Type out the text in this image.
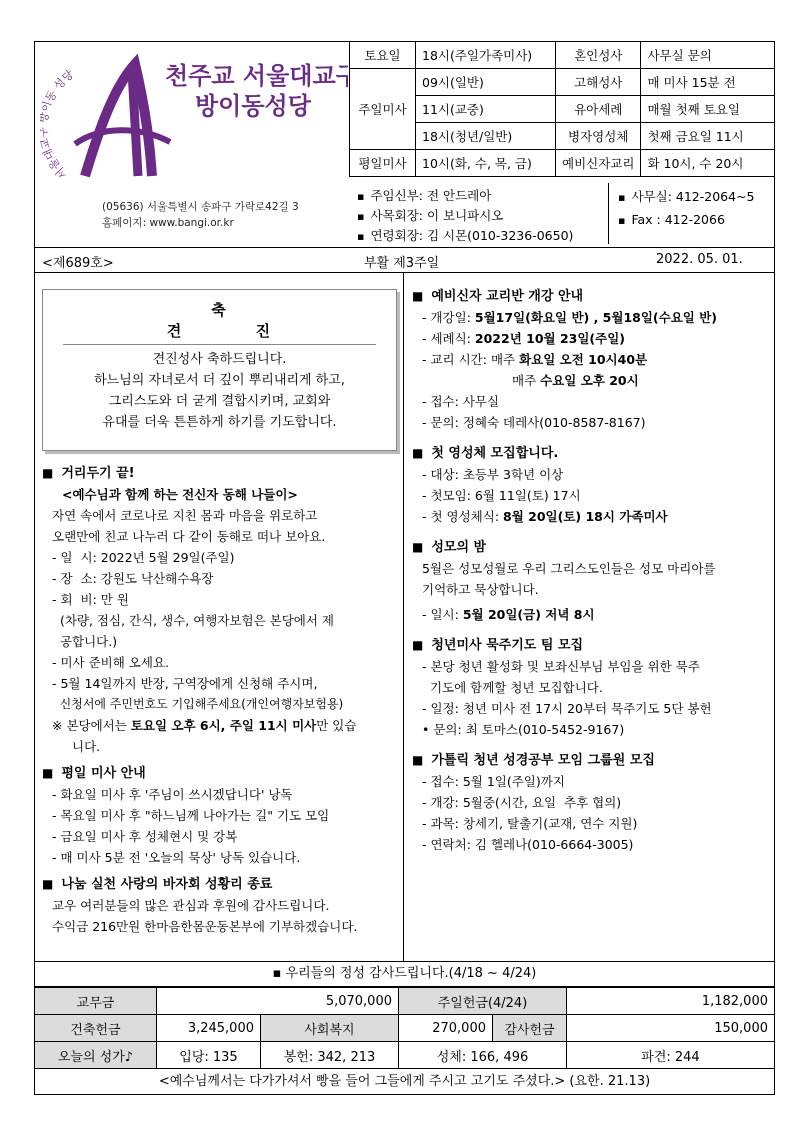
서울대 이동 성당	천주교 서울대교구
방이동성당
(05636) 서울특별시 송파구 가락로42길 3
홈페이지: www.bangi.or.kr
토요일	18시(주일가족미사)	혼인성사	사무실 문의
주일미사	09시(일반)	고해성사	매 미사 15분 전
	11시(교중)	유아세례	매월 첫째 토요일
	18시(청년/일반)	병자영성체	첫째 금요일 11시
평일미사	10시(화, 수, 목, 금)	예비신자교리	화 10시, 수 20시
▪ 주임신부: 전 안드레아
▪ 사목회장: 이 보니파시오
▪ 연령회장: 김 시몬(010-3236-0650)
▪ 사무실: 412-2064~5
▪ Fax : 412-2066
<제689호>	부활 제3주일	2022. 05. 01.
축
견          진
견진성사 축하드립니다.
하느님의 자녀로서 더 깊이 뿌리내리게 하고,
그리스도와 더 굳게 결합시키며, 교회와
유대를 더욱 튼튼하게 하기를 기도합니다.
■ 거리두기 끝!
<예수님과 함께 하는 전신자 동해 나들이>
자연 속에서 코로나로 지친 몸과 마음을 위로하고
오랜만에 친교 나누러 다 같이 동해로 떠나 보아요.
- 일  시: 2022년 5월 29일(주일)
- 장  소: 강원도 낙산해수욕장
- 회  비: 만 원
(차량, 점심, 간식, 생수, 여행자보험은 본당에서 제
공합니다.)
- 미사 준비해 오세요.
- 5월 14일까지 반장, 구역장에게 신청해 주시며,
신청서에 주민번호도 기입해주세요(개인여행자보험용)
※ 본당에서는 토요일 오후 6시, 주일 11시 미사만 있습
니다.
■ 평일 미사 안내
- 화요일 미사 후 '주님이 쓰시겠답니다' 낭독
- 목요일 미사 후 "하느님께 나아가는 길" 기도 모임
- 금요일 미사 후 성체현시 및 강복
- 매 미사 5분 전 '오늘의 묵상' 낭독 있습니다.
■ 나눔 실천 사랑의 바자회 성황리 종료
교우 여러분들의 많은 관심과 후원에 감사드립니다.
수익금 216만원 한마음한몸운동본부에 기부하겠습니다.
■ 예비신자 교리반 개강 안내
- 개강일: 5월17일(화요일 반) , 5월18일(수요일 반)
- 세례식: 2022년 10월 23일(주일)
- 교리 시간: 매주 화요일 오전 10시40분
매주 수요일 오후 20시
- 접수: 사무실
- 문의: 정혜숙 데레사(010-8587-8167)
■ 첫 영성체 모집합니다.
- 대상: 초등부 3학년 이상
- 첫모임: 6월 11일(토) 17시
- 첫 영성체식: 8월 20일(토) 18시 가족미사
■ 성모의 밤
5월은 성모성월로 우리 그리스도인들은 성모 마리아를
기억하고 묵상합니다.
- 일시: 5월 20일(금) 저녁 8시
■ 청년미사 묵주기도 팀 모집
- 본당 청년 활성화 및 보좌신부님 부임을 위한 묵주
기도에 함께할 청년 모집합니다.
- 일정: 청년 미사 전 17시 20부터 묵주기도 5단 봉헌
• 문의: 최 토마스(010-5452-9167)
■ 가톨릭 청년 성경공부 모임 그룹원 모집
- 접수: 5월 1일(주일)까지
- 개강: 5월중(시간, 요일  추후 협의)
- 과목: 창세기, 탈출기(교재, 연수 지원)
- 연락처: 김 헬레나(010-6664-3005)
▪ 우리들의 정성 감사드립니다.(4/18 ~ 4/24)
교무금	5,070,000		주일헌금(4/24)		1,182,000
건축헌금	3,245,000	사회복지	270,000	감사헌금	150,000
오늘의 성가♪	입당: 135	봉헌: 342, 213	성체: 166, 496		파견: 244
<예수님께서는 다가가셔서 빵을 들어 그들에게 주시고 고기도 주셨다.> (요한. 21.13)
